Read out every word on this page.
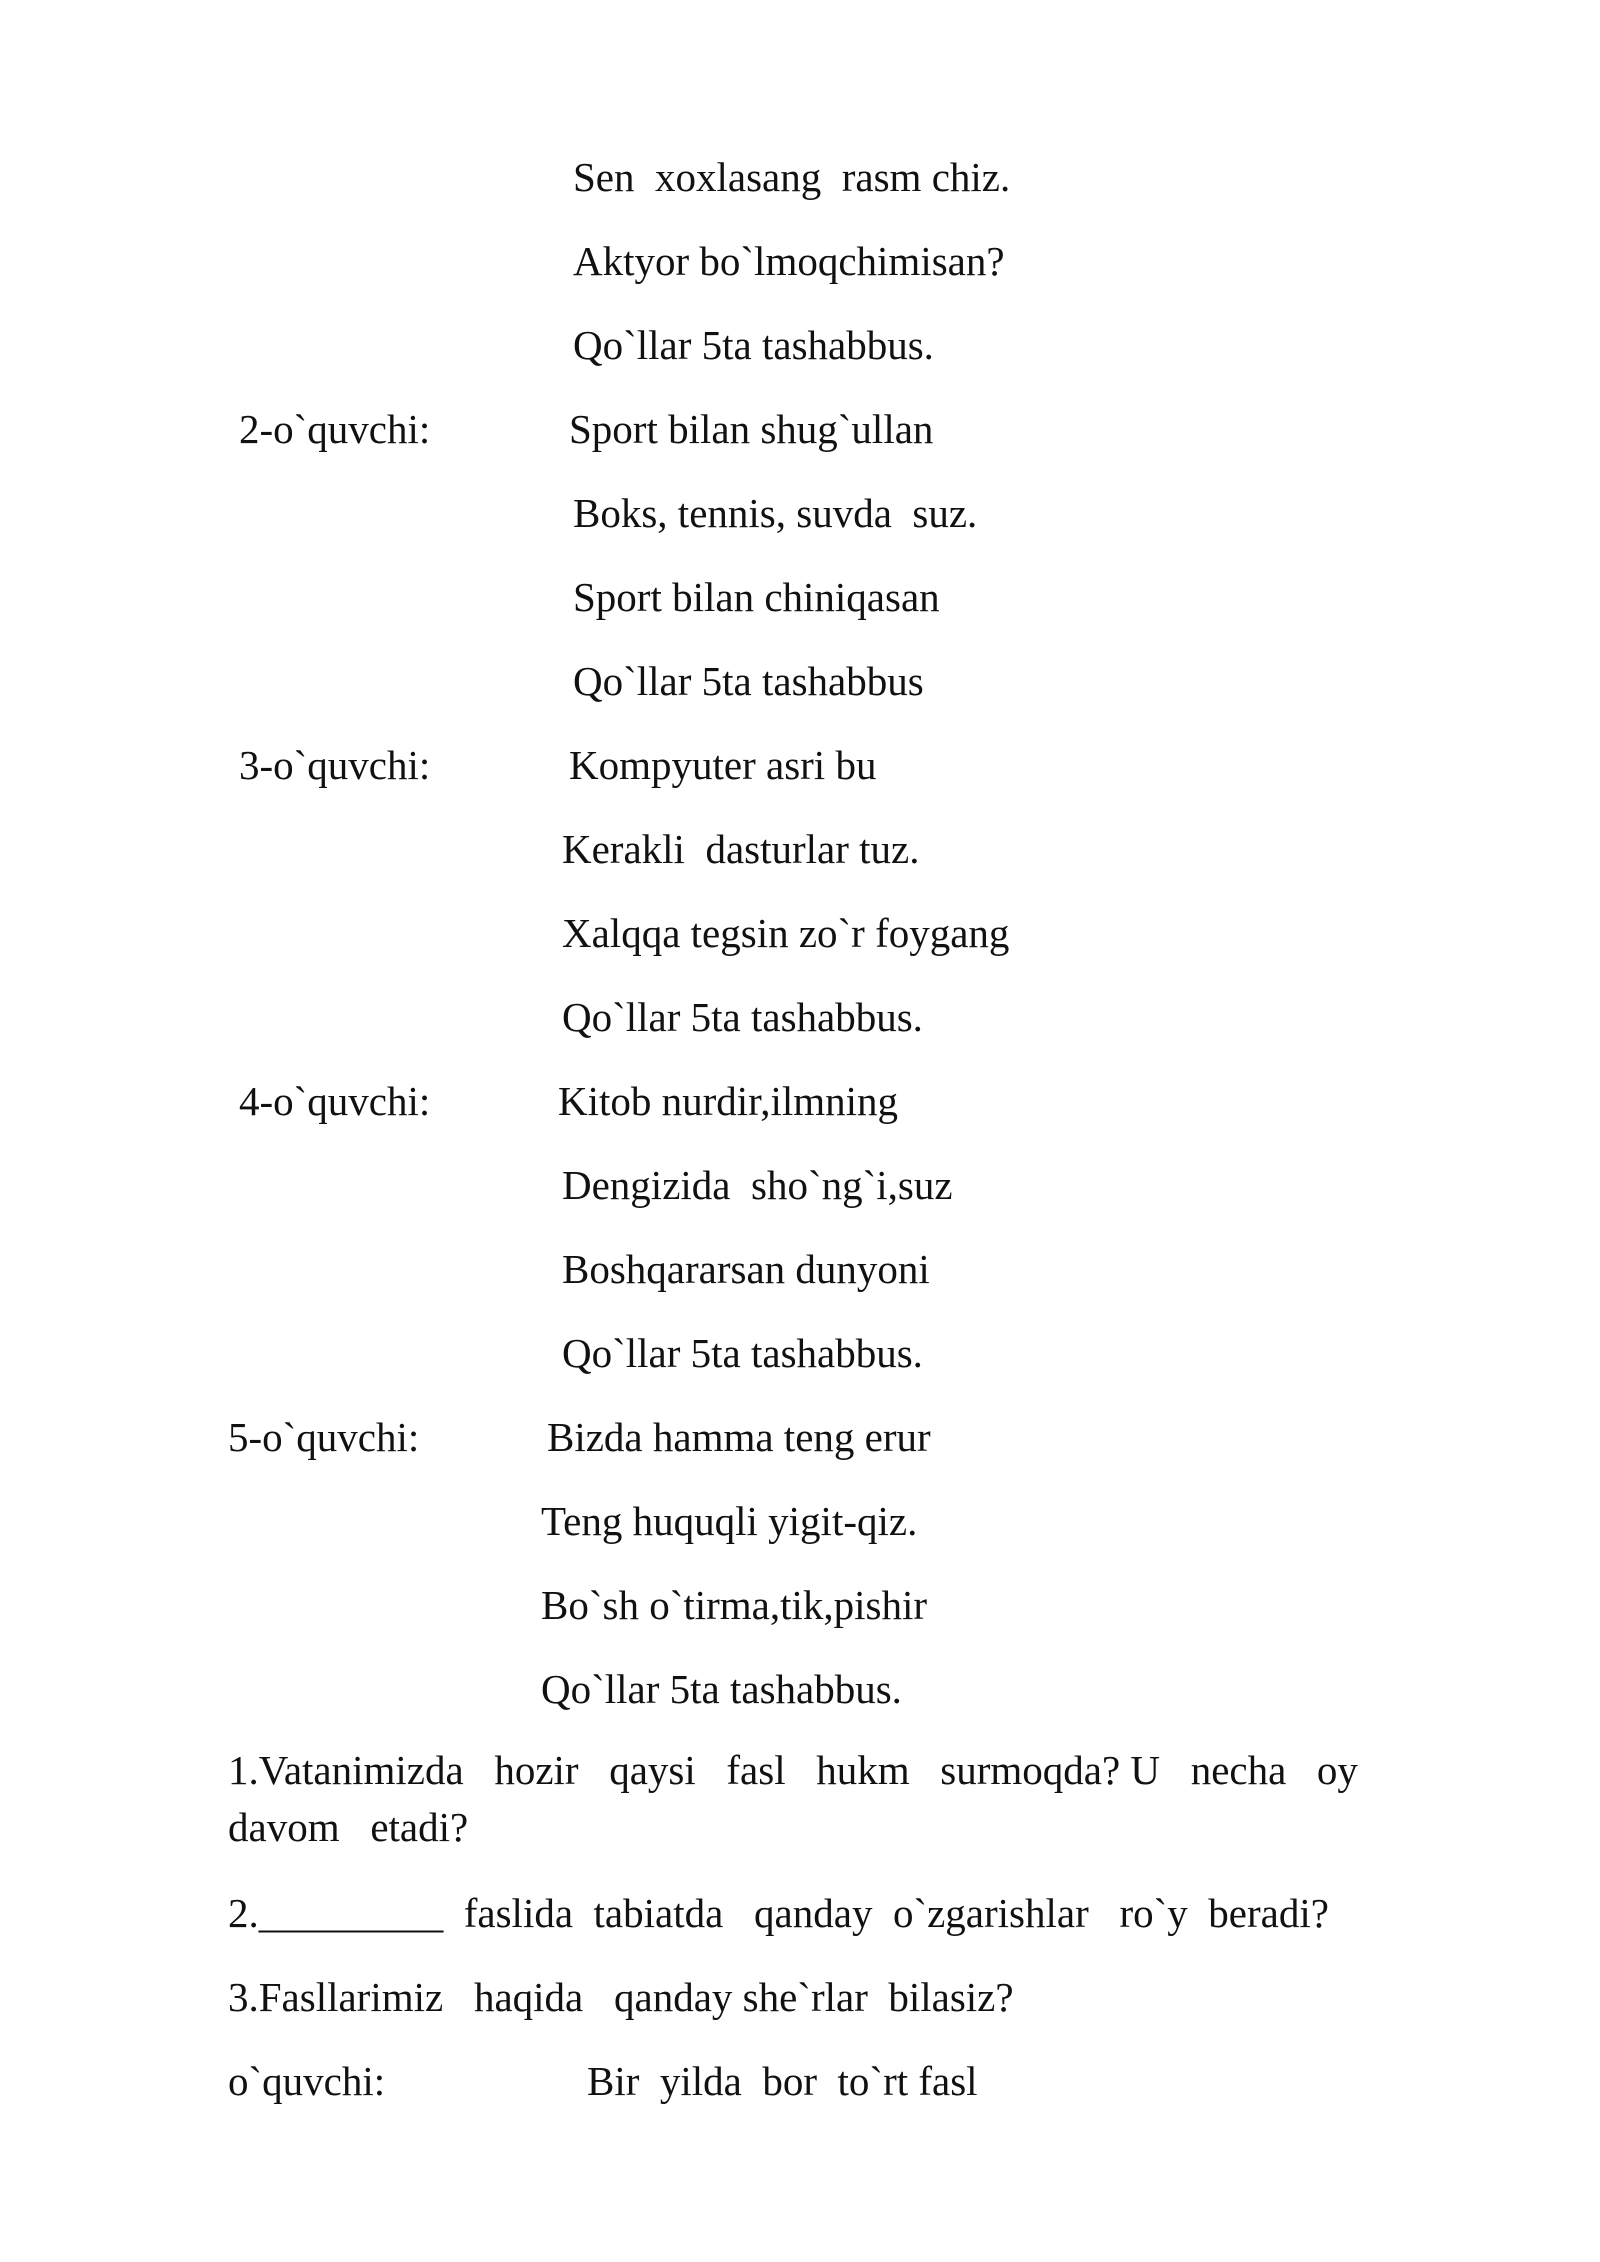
Sen  xoxlasang  rasm chiz.

Aktyor bo`lmoqchimisan?

Qo`llar 5ta tashabbus.

2-o`quvchi:	Sport bilan shug`ullan

Boks, tennis, suvda  suz.

Sport bilan chiniqasan

Qo`llar 5ta tashabbus

3-o`quvchi:	Kompyuter asri bu

Kerakli  dasturlar tuz.

Xalqqa tegsin zo`r foygang

Qo`llar 5ta tashabbus.

4-o`quvchi:	Kitob nurdir,ilmning

Dengizida  sho`ng`i,suz

Boshqararsan dunyoni

Qo`llar 5ta tashabbus.

5-o`quvchi:	Bizda hamma teng erur

Teng huquqli yigit-qiz.

Bo`sh o`tirma,tik,pishir

Qo`llar 5ta tashabbus.

1.Vatanimizda hozir qaysi fasl hukm surmoqda? U necha oy

davom   etadi?

2._________  faslida  tabiatda   qanday  o`zgarishlar   ro`y  beradi?

3.Fasllarimiz   haqida   qanday she`rlar  bilasiz?

o`quvchi:	Bir  yilda  bor  to`rt fasl
